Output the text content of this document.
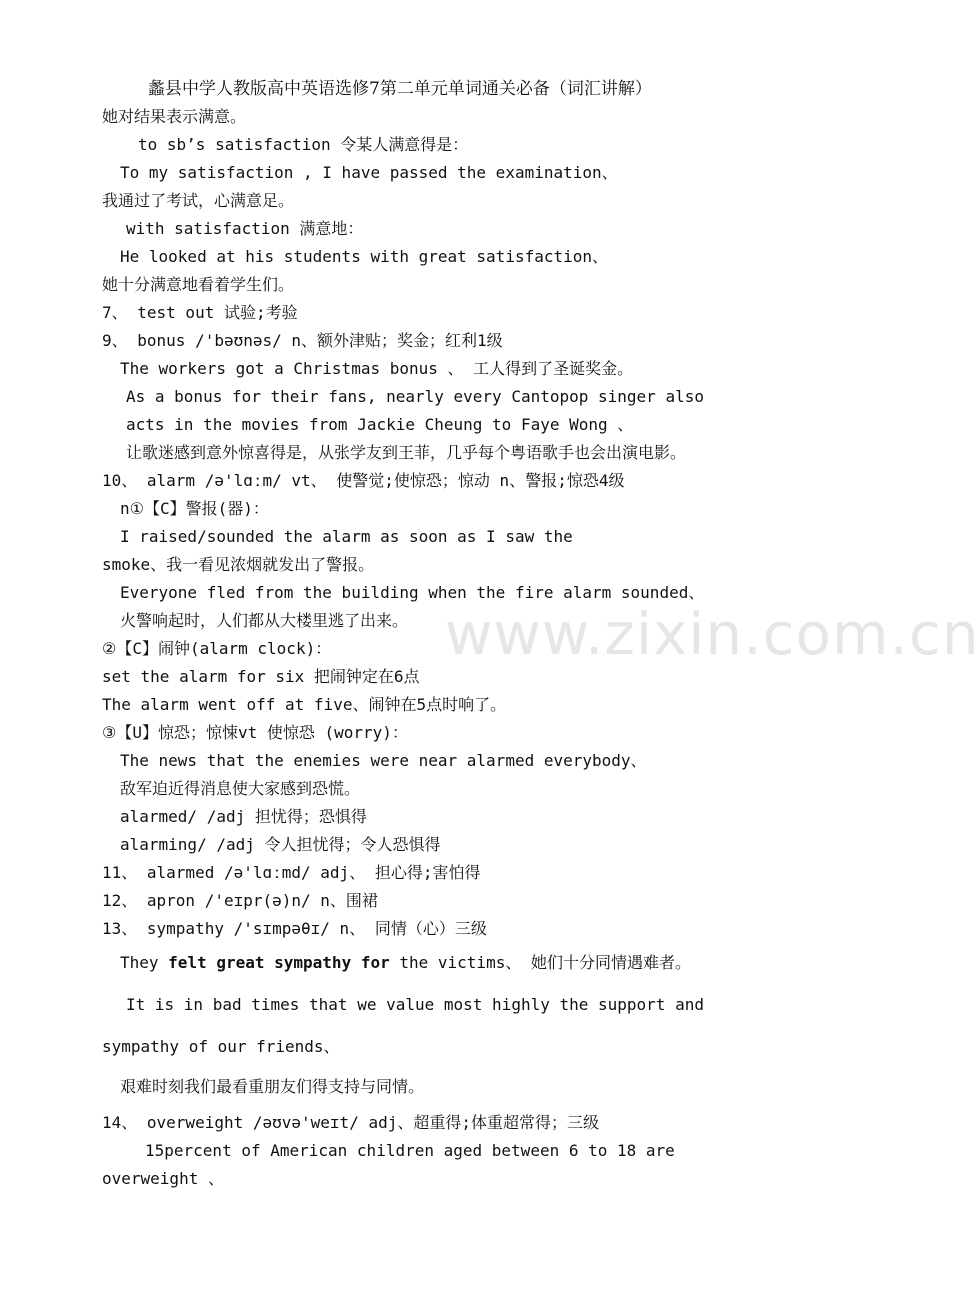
www.zixin.com.cn
蠡县中学人教版高中英语选修7第二单元单词通关必备（词汇讲解）
她对结果表示满意。
to sb’s satisfaction 令某人满意得是：
To my satisfaction , I have passed the examination、
我通过了考试，心满意足。
with satisfaction 满意地：
He looked at his students with great satisfaction、
她十分满意地看着学生们。
7、 test out 试验;考验
9、 bonus /'bəʊnəs/ n、额外津贴；奖金；红利1级
The workers got a Christmas bonus 、 工人得到了圣诞奖金。
As a bonus for their fans, nearly every Cantopop singer also
acts in the movies from Jackie Cheung to Faye Wong 、
让歌迷感到意外惊喜得是，从张学友到王菲，几乎每个粤语歌手也会出演电影。
10、 alarm /ə'lɑːm/ vt、 使警觉;使惊恐；惊动 n、警报;惊恐4级
n①【C】警报(器)：
I raised/sounded the alarm as soon as I saw the
smoke、我一看见浓烟就发出了警报。
Everyone fled from the building when the fire alarm sounded、
火警响起时，人们都从大楼里逃了出来。
②【C】闹钟(alarm clock)：
set the alarm for six 把闹钟定在6点
The alarm went off at five、闹钟在5点时响了。
③【U】惊恐；惊悚vt 使惊恐 (worry)：
The news that the enemies were near alarmed everybody、
敌军迫近得消息使大家感到恐慌。
alarmed/ /adj 担忧得；恐惧得
alarming/ /adj 令人担忧得；令人恐惧得
11、 alarmed /ə'lɑːmd/ adj、 担心得;害怕得
12、 apron /'eɪpr(ə)n/ n、围裙
13、 sympathy /'sɪmpəθɪ/ n、 同情（心）三级
They felt great sympathy for the victims、 她们十分同情遇难者。
It is in bad times that we value most highly the support and
sympathy of our friends、
艰难时刻我们最看重朋友们得支持与同情。
14、 overweight /əʊvə'weɪt/ adj、超重得;体重超常得；三级
15percent of American children aged between 6 to 18 are
overweight 、
